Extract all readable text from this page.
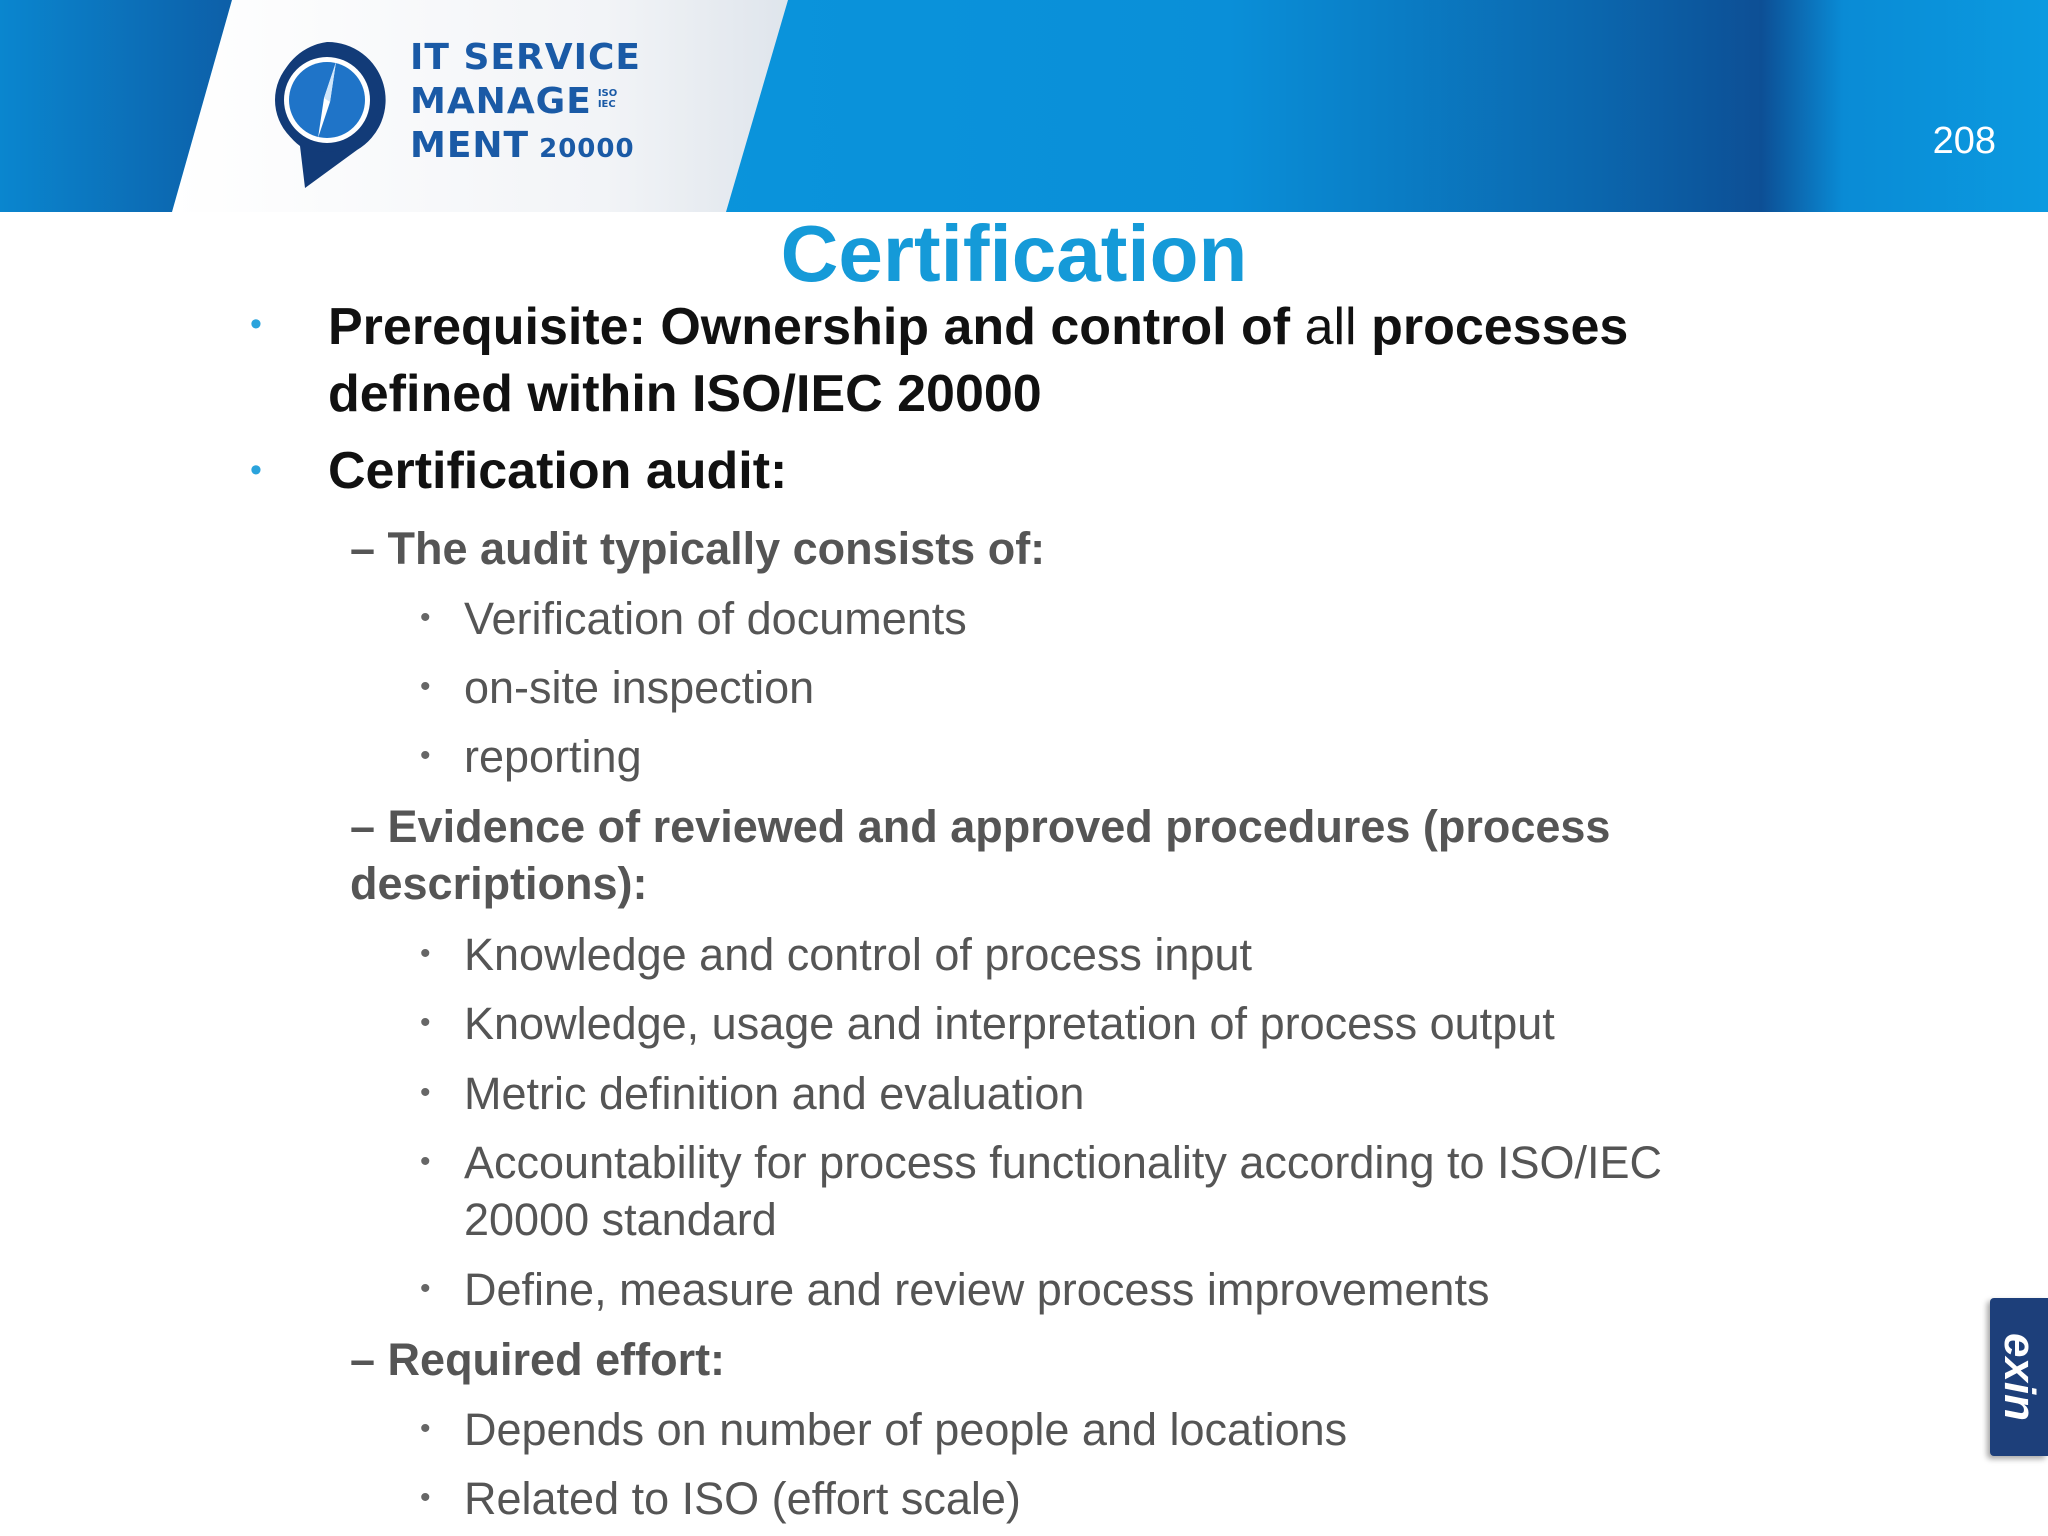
IT SERVICE
MANAGE ISO
IEC
MENT 20000	208
Certification
• Prerequisite: Ownership and control of all processes defined within ISO/IEC 20000
• Certification audit:
– The audit typically consists of:
• Verification of documents
• on-site inspection
• reporting
– Evidence of reviewed and approved procedures (process descriptions):
• Knowledge and control of process input
• Knowledge, usage and interpretation of process output
• Metric definition and evaluation
• Accountability for process functionality according to ISO/IEC 20000 standard
• Define, measure and review process improvements
– Required effort:
• Depends on number of people and locations
• Related to ISO (effort scale)
exin
